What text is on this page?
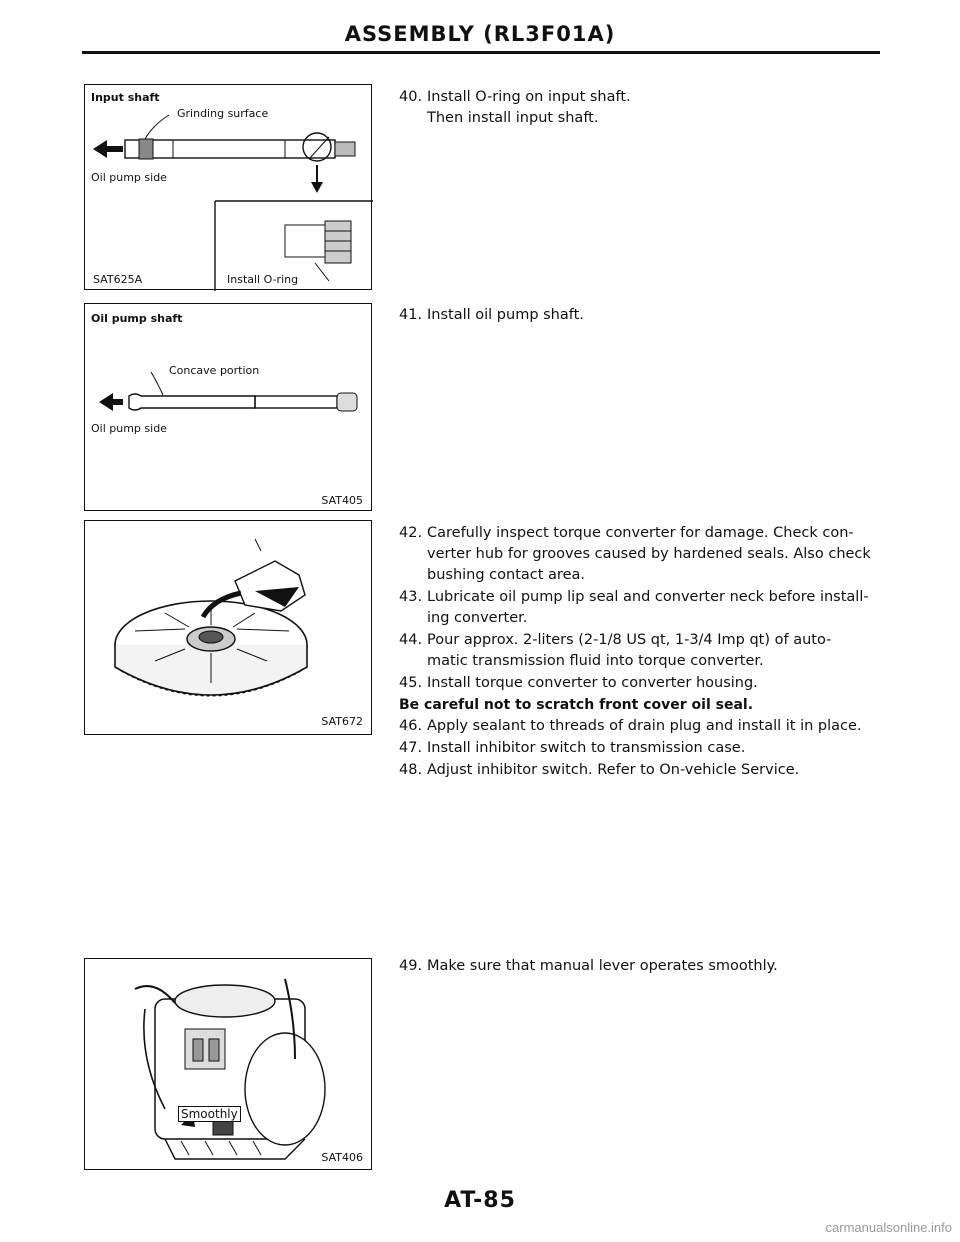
ASSEMBLY (RL3F01A)
Input shaft
Grinding surface
Oil pump side
SAT625A	Install O-ring
Oil pump shaft
Concave portion
Oil pump side
SAT405
SAT672
Smoothly
SAT406
40. Install O-ring on input shaft.
Then install input shaft.
41. Install oil pump shaft.
42. Carefully inspect torque converter for damage. Check con-
verter hub for grooves caused by hardened seals. Also check
bushing contact area.
43. Lubricate oil pump lip seal and converter neck before install-
ing converter.
44. Pour approx. 2-liters (2-1/8 US qt, 1-3/4 Imp qt) of auto-
matic transmission fluid into torque converter.
45. Install torque converter to converter housing.
Be careful not to scratch front cover oil seal.
46. Apply sealant to threads of drain plug and install it in place.
47. Install inhibitor switch to transmission case.
48. Adjust inhibitor switch. Refer to On-vehicle Service.
49. Make sure that manual lever operates smoothly.
AT-85
carmanualsonline.info
